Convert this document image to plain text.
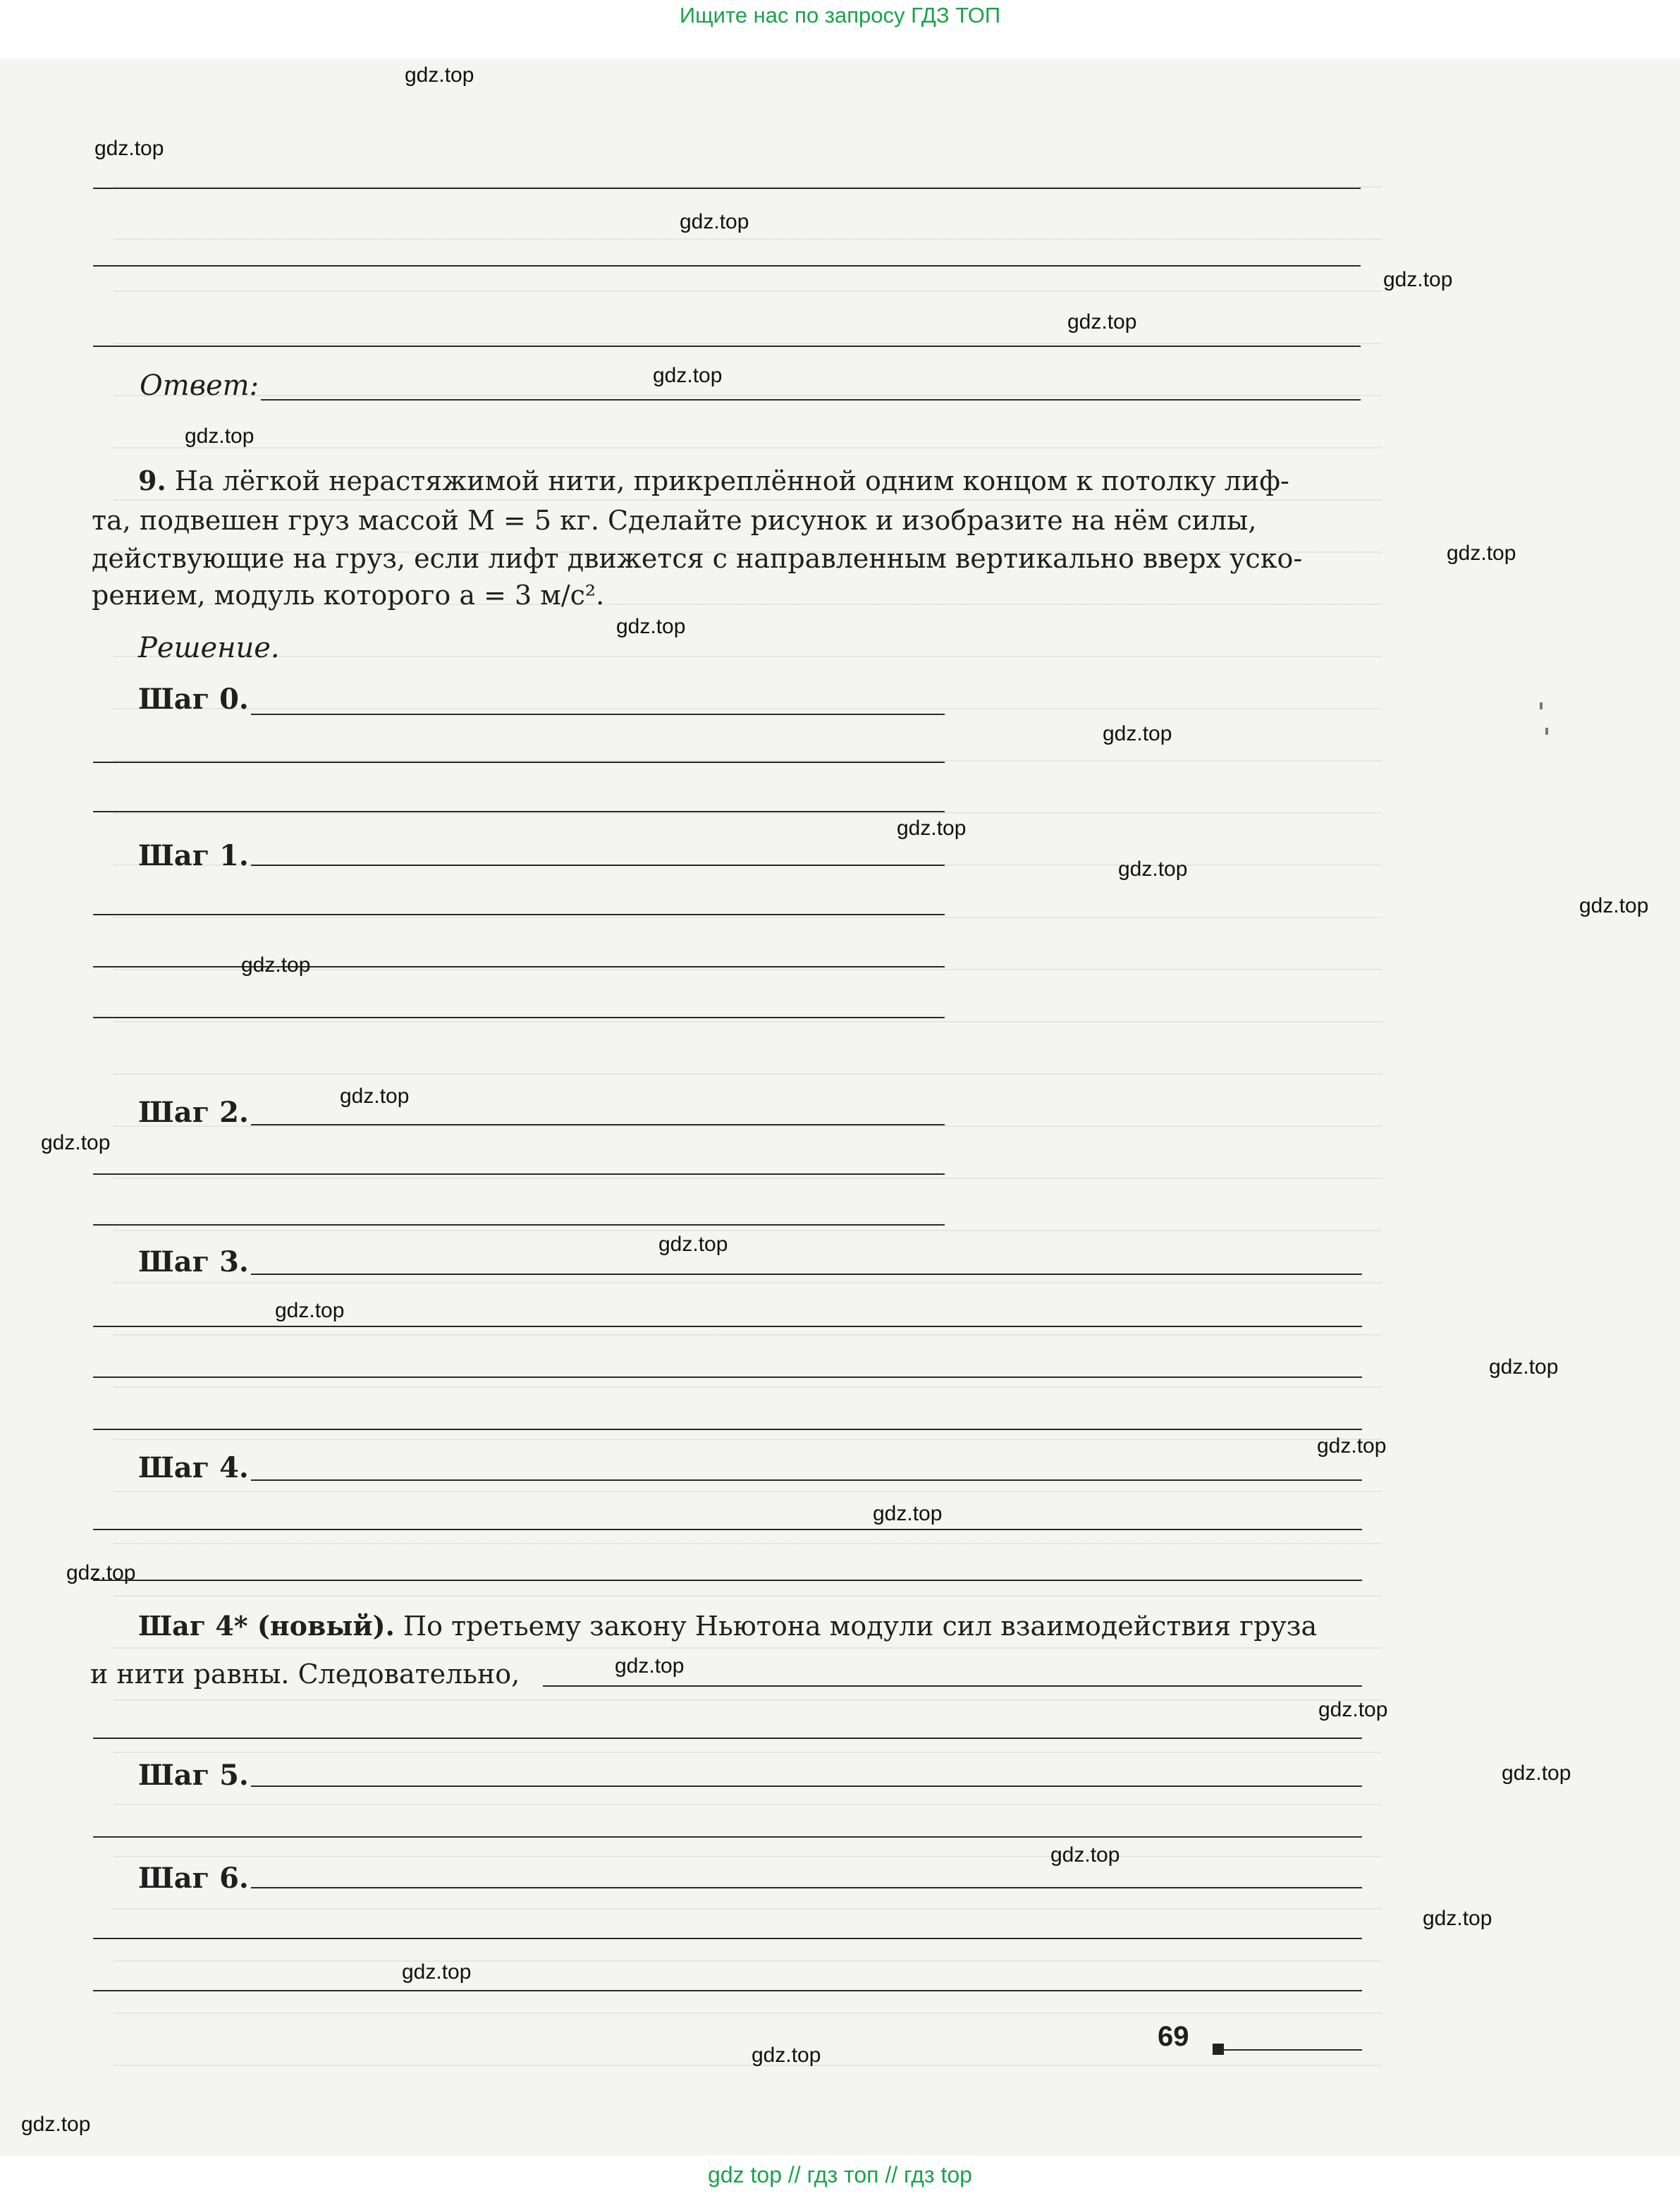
Ищите нас по запросу ГДЗ ТОП
Ответ:
9. На лёгкой нерастяжимой нити, прикреплённой одним концом к потолку лиф-
та, подвешен груз массой M = 5 кг. Сделайте рисунок и изобразите на нём силы,
действующие на груз, если лифт движется с направленным вертикально вверх уско-
рением, модуль которого a = 3 м/с².
Решение.
Шаг 0.
Шаг 1.
Шаг 2.
Шаг 3.
Шаг 4.
Шаг 4* (новый). По третьему закону Ньютона модули сил взаимодействия груза
и нити равны. Следовательно,
Шаг 5.
Шаг 6.
69
gdz.top
gdz.top
gdz.top
gdz.top
gdz.top
gdz.top
gdz.top
gdz.top
gdz.top
gdz.top
gdz.top
gdz.top
gdz.top
gdz.top
gdz.top
gdz.top
gdz.top
gdz.top
gdz.top
gdz.top
gdz.top
gdz.top
gdz.top
gdz.top
gdz.top
gdz.top
gdz.top
gdz.top
gdz.top
gdz.top
gdz top // гдз топ // гдз top
